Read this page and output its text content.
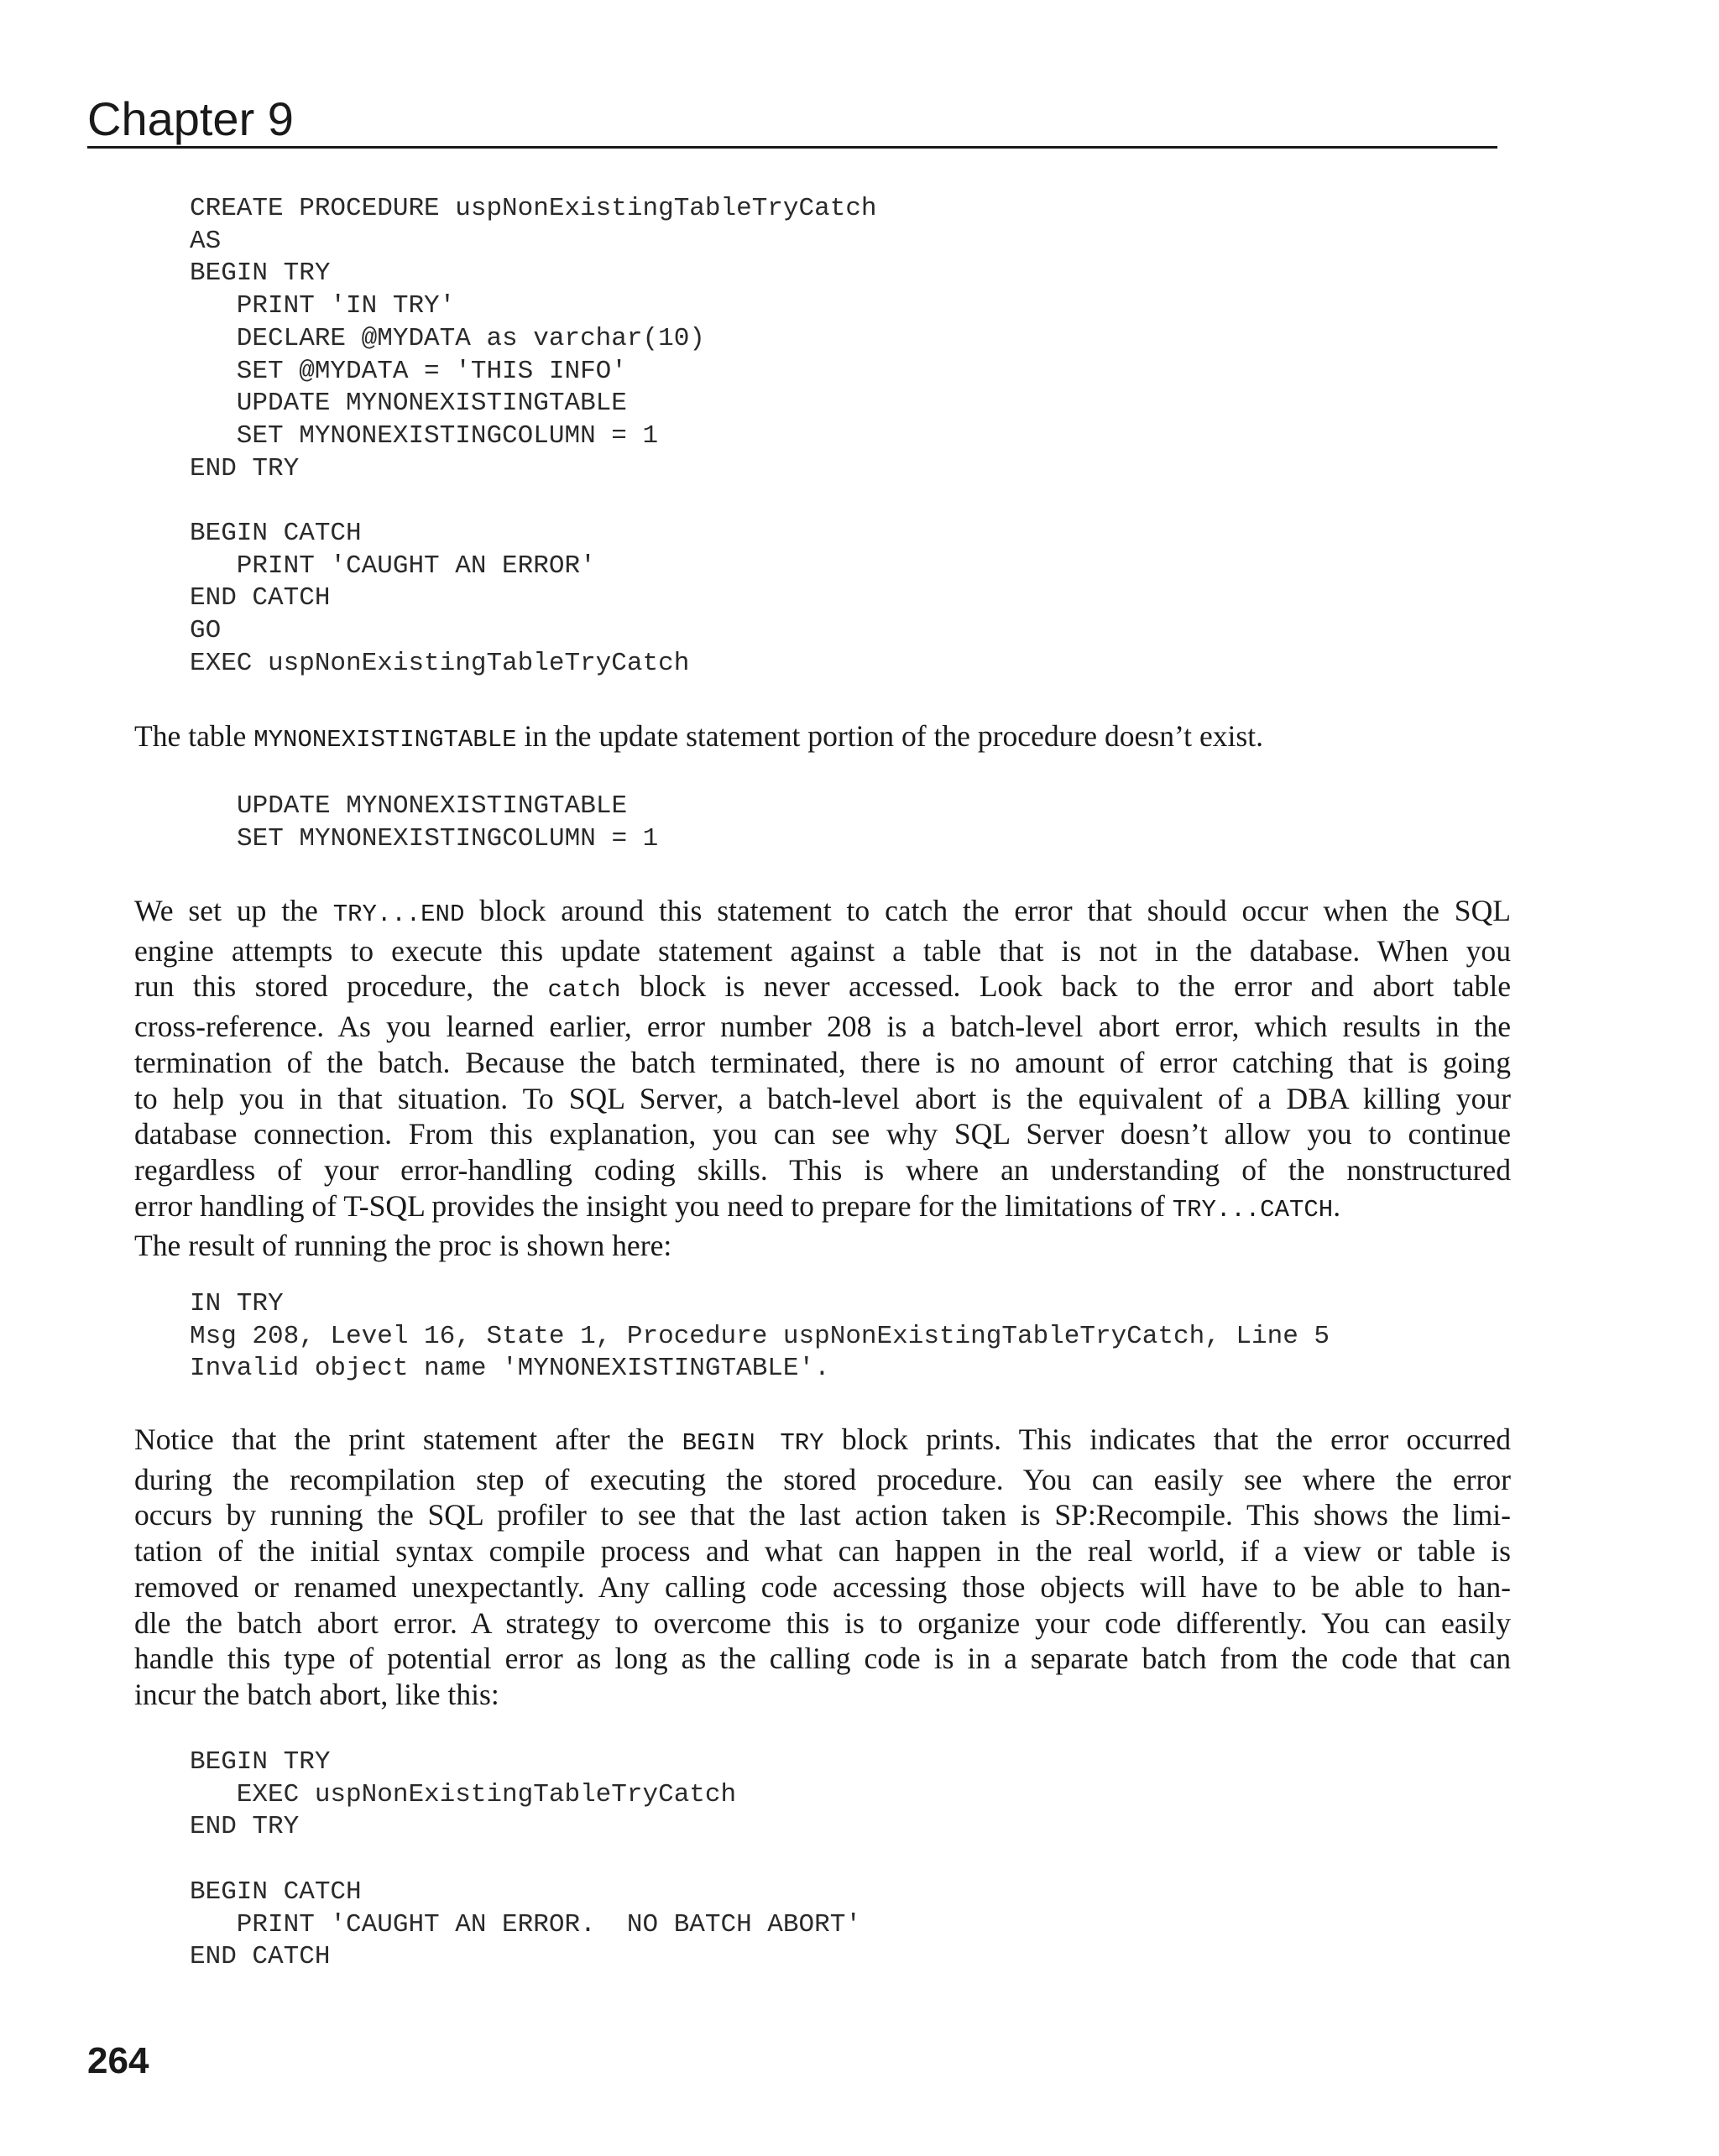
Chapter 9
CREATE PROCEDURE uspNonExistingTableTryCatch
AS
BEGIN TRY
PRINT 'IN TRY'
DECLARE @MYDATA as varchar(10)
SET @MYDATA = 'THIS INFO'
UPDATE MYNONEXISTINGTABLE
SET MYNONEXISTINGCOLUMN = 1
END TRY

BEGIN CATCH
PRINT 'CAUGHT AN ERROR'
END CATCH
GO
EXEC uspNonExistingTableTryCatch

The table MYNONEXISTINGTABLE in the update statement portion of the procedure doesn’t exist.

UPDATE MYNONEXISTINGTABLE
SET MYNONEXISTINGCOLUMN = 1

We set up the TRY...END block around this statement to catch the error that should occur when the SQL
engine attempts to execute this update statement against a table that is not in the database. When you
run this stored procedure, the catch block is never accessed. Look back to the error and abort table
cross-reference. As you learned earlier, error number 208 is a batch-level abort error, which results in the
termination of the batch. Because the batch terminated, there is no amount of error catching that is going
to help you in that situation. To SQL Server, a batch-level abort is the equivalent of a DBA killing your
database connection. From this explanation, you can see why SQL Server doesn’t allow you to continue
regardless of your error-handling coding skills. This is where an understanding of the nonstructured
error handling of T-SQL provides the insight you need to prepare for the limitations of TRY...CATCH.
The result of running the proc is shown here:

IN TRY
Msg 208, Level 16, State 1, Procedure uspNonExistingTableTryCatch, Line 5
Invalid object name 'MYNONEXISTINGTABLE'.

Notice that the print statement after the BEGIN TRY block prints. This indicates that the error occurred
during the recompilation step of executing the stored procedure. You can easily see where the error
occurs by running the SQL profiler to see that the last action taken is SP:Recompile. This shows the limi-
tation of the initial syntax compile process and what can happen in the real world, if a view or table is
removed or renamed unexpectantly. Any calling code accessing those objects will have to be able to han-
dle the batch abort error. A strategy to overcome this is to organize your code differently. You can easily
handle this type of potential error as long as the calling code is in a separate batch from the code that can
incur the batch abort, like this:

BEGIN TRY
EXEC uspNonExistingTableTryCatch
END TRY

BEGIN CATCH
PRINT 'CAUGHT AN ERROR.  NO BATCH ABORT'
END CATCH

264
